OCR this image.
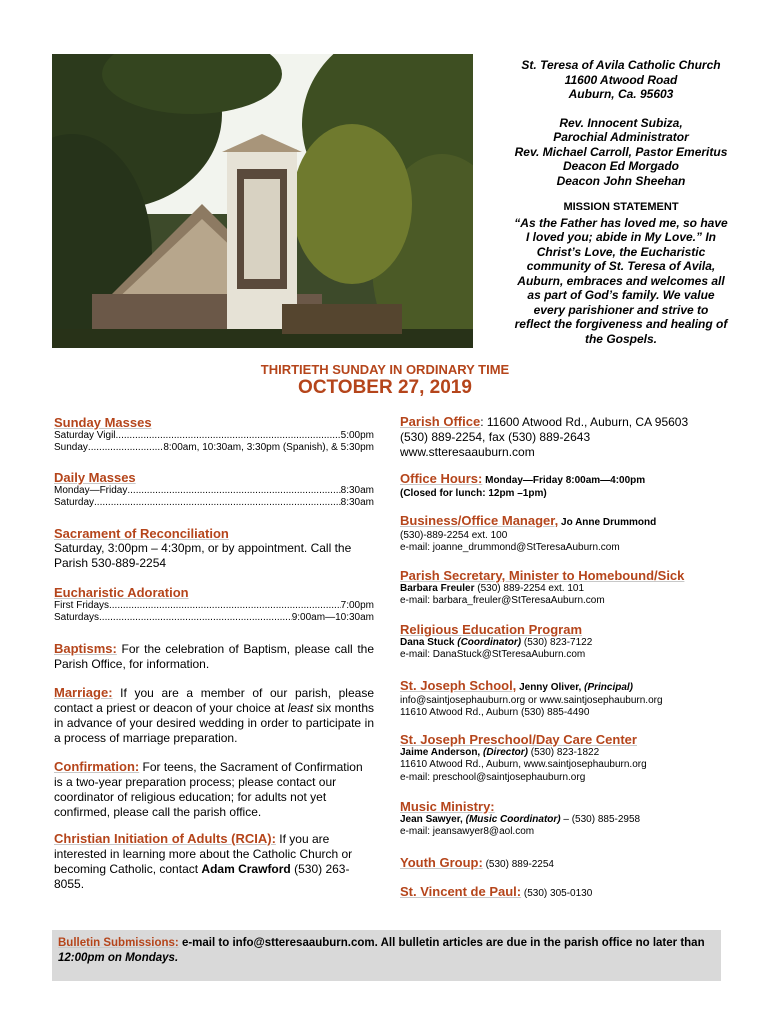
St. Teresa of Avila Catholic Church
11600 Atwood Road
Auburn, Ca. 95603
Rev. Innocent Subiza,
Parochial Administrator
Rev. Michael Carroll, Pastor Emeritus
Deacon Ed Morgado
Deacon John Sheehan
MISSION STATEMENT
“As the Father has loved me, so have
I loved you; abide in My Love.” In
Christ’s Love, the Eucharistic
community of St. Teresa of Avila,
Auburn, embraces and welcomes all
as part of God’s family. We value
every parishioner and strive to
reflect the forgiveness and healing of
the Gospels.
THIRTIETH SUNDAY IN ORDINARY TIME
OCTOBER 27, 2019
Sunday Masses
Saturday Vigil .....	5:00pm
Sunday .....	8:00am, 10:30am, 3:30pm (Spanish), & 5:30pm
Daily Masses
Monday—Friday .....	8:30am
Saturday .....	8:30am
Sacrament of Reconciliation
Saturday, 3:00pm – 4:30pm, or by appointment. Call the Parish 530-889-2254
Eucharistic Adoration
First Fridays .....	7:00pm
Saturdays .....	9:00am—10:30am
Baptisms: For the celebration of Baptism, please call the Parish Office, for information.
Marriage: If you are a member of our parish, please contact a priest or deacon of your choice at least six months in advance of your desired wedding in order to participate in a process of marriage preparation.
Confirmation: For teens, the Sacrament of Confirmation is a two-year preparation process; please contact our coordinator of religious education; for adults not yet confirmed, please call the parish office.
Christian Initiation of Adults (RCIA): If you are interested in learning more about the Catholic Church or becoming Catholic, contact Adam Crawford (530) 263-8055.
Parish Office: 11600 Atwood Rd., Auburn, CA 95603
(530) 889-2254, fax (530) 889-2643
www.stteresaauburn.com
Office Hours: Monday—Friday 8:00am—4:00pm
(Closed for lunch: 12pm –1pm)
Business/Office Manager, Jo Anne Drummond
(530)-889-2254 ext. 100
e-mail: joanne_drummond@StTeresaAuburn.com
Parish Secretary, Minister to Homebound/Sick
Barbara Freuler (530) 889-2254 ext. 101
e-mail: barbara_freuler@StTeresaAuburn.com
Religious Education Program
Dana Stuck (Coordinator) (530) 823-7122
e-mail: DanaStuck@StTeresaAuburn.com
St. Joseph School, Jenny Oliver, (Principal)
info@saintjosephauburn.org or www.saintjosephauburn.org
11610 Atwood Rd., Auburn (530) 885-4490
St. Joseph Preschool/Day Care Center
Jaime Anderson, (Director) (530) 823-1822
11610 Atwood Rd., Auburn, www.saintjosephauburn.org
e-mail: preschool@saintjosephauburn.org
Music Ministry:
Jean Sawyer, (Music Coordinator) – (530) 885-2958
e-mail: jeansawyer8@aol.com
Youth Group: (530) 889-2254
St. Vincent de Paul: (530) 305-0130
Bulletin Submissions: e-mail to info@stteresaauburn.com. All bulletin articles are due in the parish office no later than 12:00pm on Mondays.
